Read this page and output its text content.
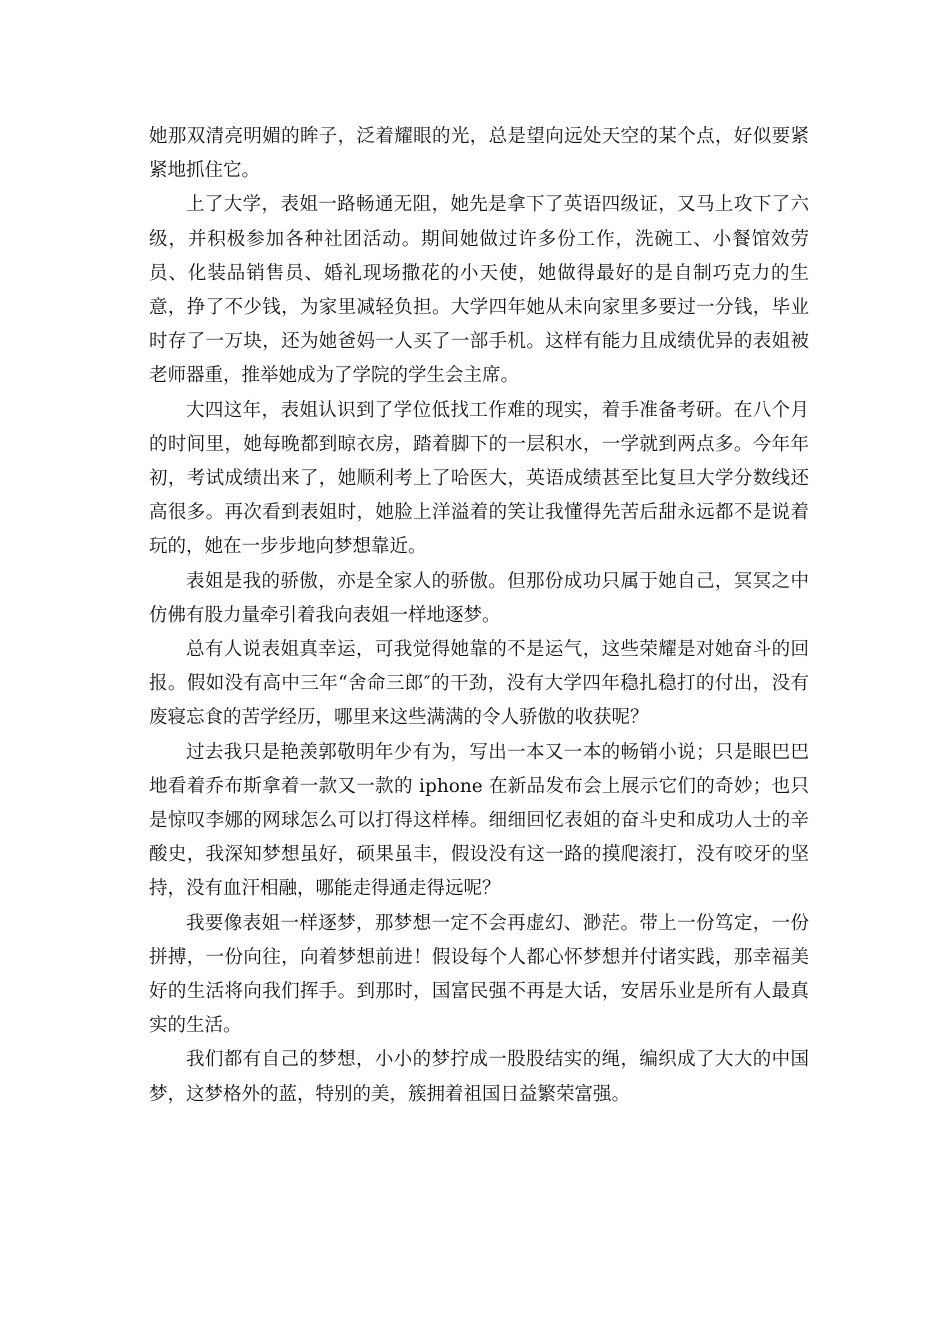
她那双清亮明媚的眸子，泛着耀眼的光，总是望向远处天空的某个点，好似要紧紧地抓住它。

上了大学，表姐一路畅通无阻，她先是拿下了英语四级证，又马上攻下了六级，并积极参加各种社团活动。期间她做过许多份工作，洗碗工、小餐馆效劳员、化装品销售员、婚礼现场撒花的小天使，她做得最好的是自制巧克力的生意，挣了不少钱，为家里减轻负担。大学四年她从未向家里多要过一分钱，毕业时存了一万块，还为她爸妈一人买了一部手机。这样有能力且成绩优异的表姐被老师器重，推举她成为了学院的学生会主席。

大四这年，表姐认识到了学位低找工作难的现实，着手准备考研。在八个月的时间里，她每晚都到晾衣房，踏着脚下的一层积水，一学就到两点多。今年年初，考试成绩出来了，她顺利考上了哈医大，英语成绩甚至比复旦大学分数线还高很多。再次看到表姐时，她脸上洋溢着的笑让我懂得先苦后甜永远都不是说着玩的，她在一步步地向梦想靠近。

表姐是我的骄傲，亦是全家人的骄傲。但那份成功只属于她自己，冥冥之中仿佛有股力量牵引着我向表姐一样地逐梦。

总有人说表姐真幸运，可我觉得她靠的不是运气，这些荣耀是对她奋斗的回报。假如没有高中三年“舍命三郎″的干劲，没有大学四年稳扎稳打的付出，没有废寝忘食的苦学经历，哪里来这些满满的令人骄傲的收获呢？

过去我只是艳羡郭敬明年少有为，写出一本又一本的畅销小说；只是眼巴巴地看着乔布斯拿着一款又一款的 iphone 在新品发布会上展示它们的奇妙；也只是惊叹李娜的网球怎么可以打得这样棒。细细回忆表姐的奋斗史和成功人士的辛酸史，我深知梦想虽好，硕果虽丰，假设没有这一路的摸爬滚打，没有咬牙的坚持，没有血汗相融，哪能走得通走得远呢？

我要像表姐一样逐梦，那梦想一定不会再虚幻、渺茫。带上一份笃定，一份拼搏，一份向往，向着梦想前进！假设每个人都心怀梦想并付诸实践，那幸福美好的生活将向我们挥手。到那时，国富民强不再是大话，安居乐业是所有人最真实的生活。

我们都有自己的梦想，小小的梦拧成一股股结实的绳，编织成了大大的中国梦，这梦格外的蓝，特别的美，簇拥着祖国日益繁荣富强。
